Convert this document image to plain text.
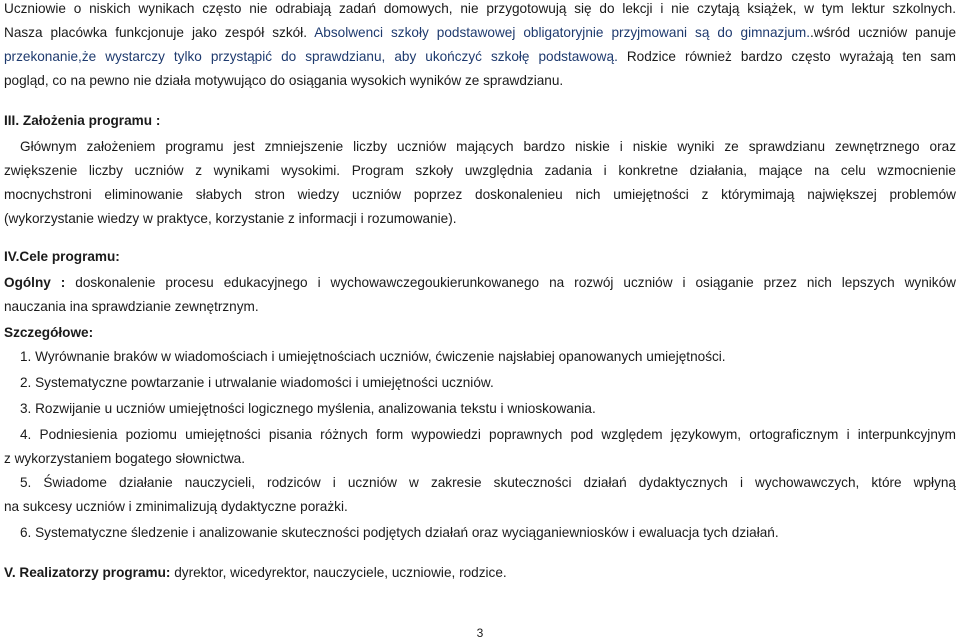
Uczniowie o niskich wynikach często nie odrabiają zadań domowych, nie przygotowują się do lekcji i nie czytają książek, w tym lektur szkolnych.
Nasza placówka funkcjonuje jako zespół szkół. Absolwenci szkoły podstawowej obligatoryjnie przyjmowani są do gimnazjum..wśród uczniów panuje
przekonanie,że wystarczy tylko przystąpić do sprawdzianu, aby ukończyć szkołę podstawową. Rodzice również bardzo często wyrażają ten sam
pogląd, co na pewno nie działa motywująco do osiągania wysokich wyników ze sprawdzianu.
III. Założenia programu :
Głównym założeniem programu jest zmniejszenie liczby uczniów mających bardzo niskie i niskie wyniki ze sprawdzianu zewnętrznego oraz
zwiększenie liczby uczniów z wynikami wysokimi. Program szkoły uwzględnia zadania i konkretne działania, mające na celu wzmocnienie
mocnychstroni eliminowanie słabych stron wiedzy uczniów poprzez doskonalenieu nich umiejętności z którymimają największej problemów
(wykorzystanie wiedzy w praktyce, korzystanie z informacji i rozumowanie).
IV.Cele programu:
Ogólny : doskonalenie procesu edukacyjnego i wychowawczegoukierunkowanego na rozwój uczniów i osiąganie przez nich lepszych wyników
nauczania ina sprawdzianie zewnętrznym.
Szczegółowe:
1. Wyrównanie braków w wiadomościach i umiejętnościach uczniów, ćwiczenie najsłabiej opanowanych umiejętności.
2. Systematyczne powtarzanie i utrwalanie wiadomości i umiejętności uczniów.
3. Rozwijanie u uczniów umiejętności logicznego myślenia, analizowania tekstu i wnioskowania.
4. Podniesienia poziomu umiejętności pisania różnych form wypowiedzi poprawnych pod względem językowym, ortograficznym i interpunkcyjnym
z wykorzystaniem bogatego słownictwa.
5. Świadome działanie nauczycieli, rodziców i uczniów w zakresie skuteczności działań dydaktycznych i wychowawczych, które wpłyną
na sukcesy uczniów i zminimalizują dydaktyczne porażki.
6. Systematyczne śledzenie i analizowanie skuteczności podjętych działań oraz wyciąganiewniosków i ewaluacja tych działań.
V. Realizatorzy programu: dyrektor, wicedyrektor, nauczyciele, uczniowie, rodzice.
3
